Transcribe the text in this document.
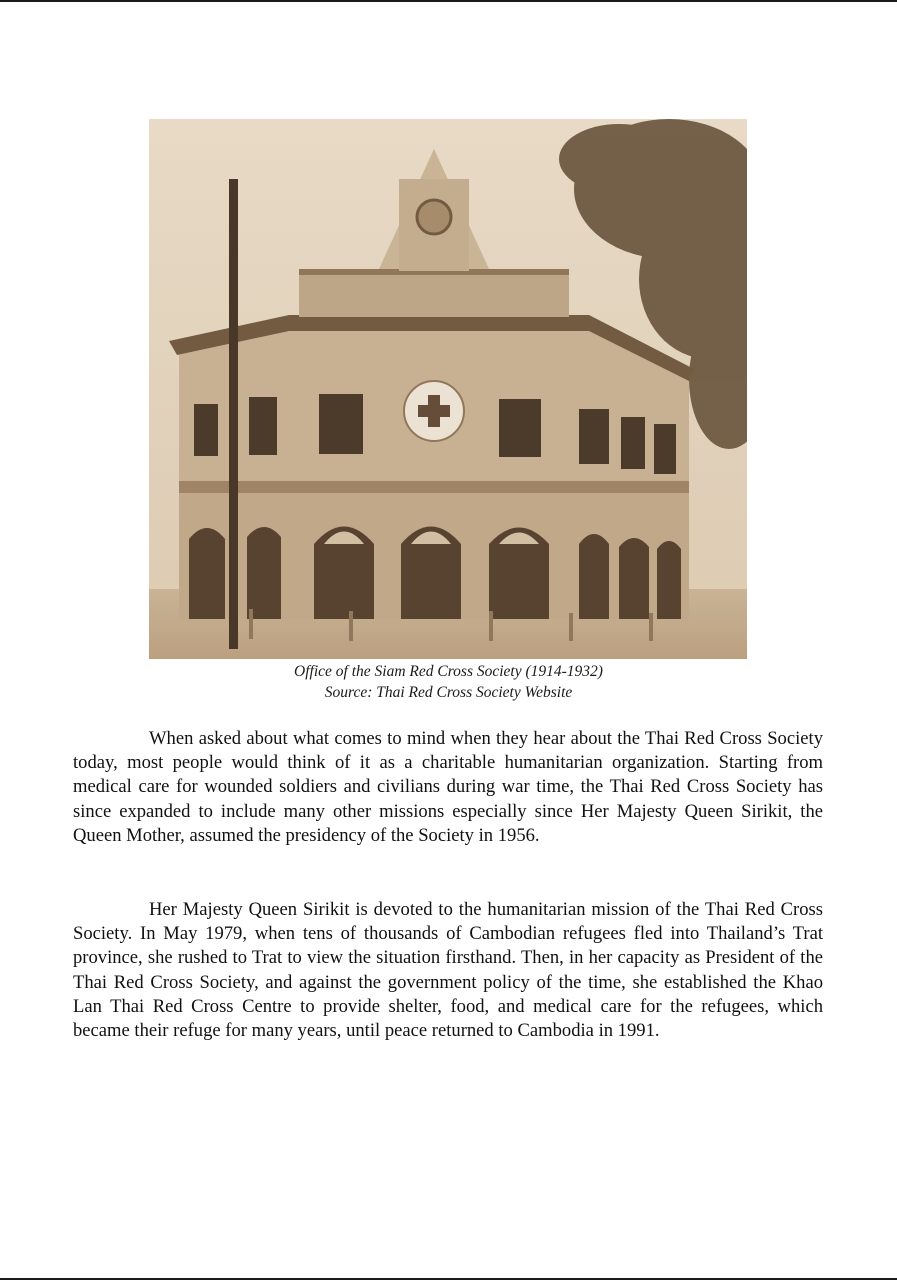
Office of the Siam Red Cross Society (1914-1932)
Source: Thai Red Cross Society Website

When asked about what comes to mind when they hear about the Thai Red Cross Society today, most people would think of it as a charitable humanitarian organization. Starting from medical care for wounded soldiers and civilians during war time, the Thai Red Cross Society has since expanded to include many other missions especially since Her Majesty Queen Sirikit, the Queen Mother, assumed the presidency of the Society in 1956.

Her Majesty Queen Sirikit is devoted to the humanitarian mission of the Thai Red Cross Society. In May 1979, when tens of thousands of Cambodian refugees fled into Thailand’s Trat province, she rushed to Trat to view the situation firsthand. Then, in her capacity as President of the Thai Red Cross Society, and against the government policy of the time, she established the Khao Lan Thai Red Cross Centre to provide shelter, food, and medical care for the refugees, which became their refuge for many years, until peace returned to Cambodia in 1991.
